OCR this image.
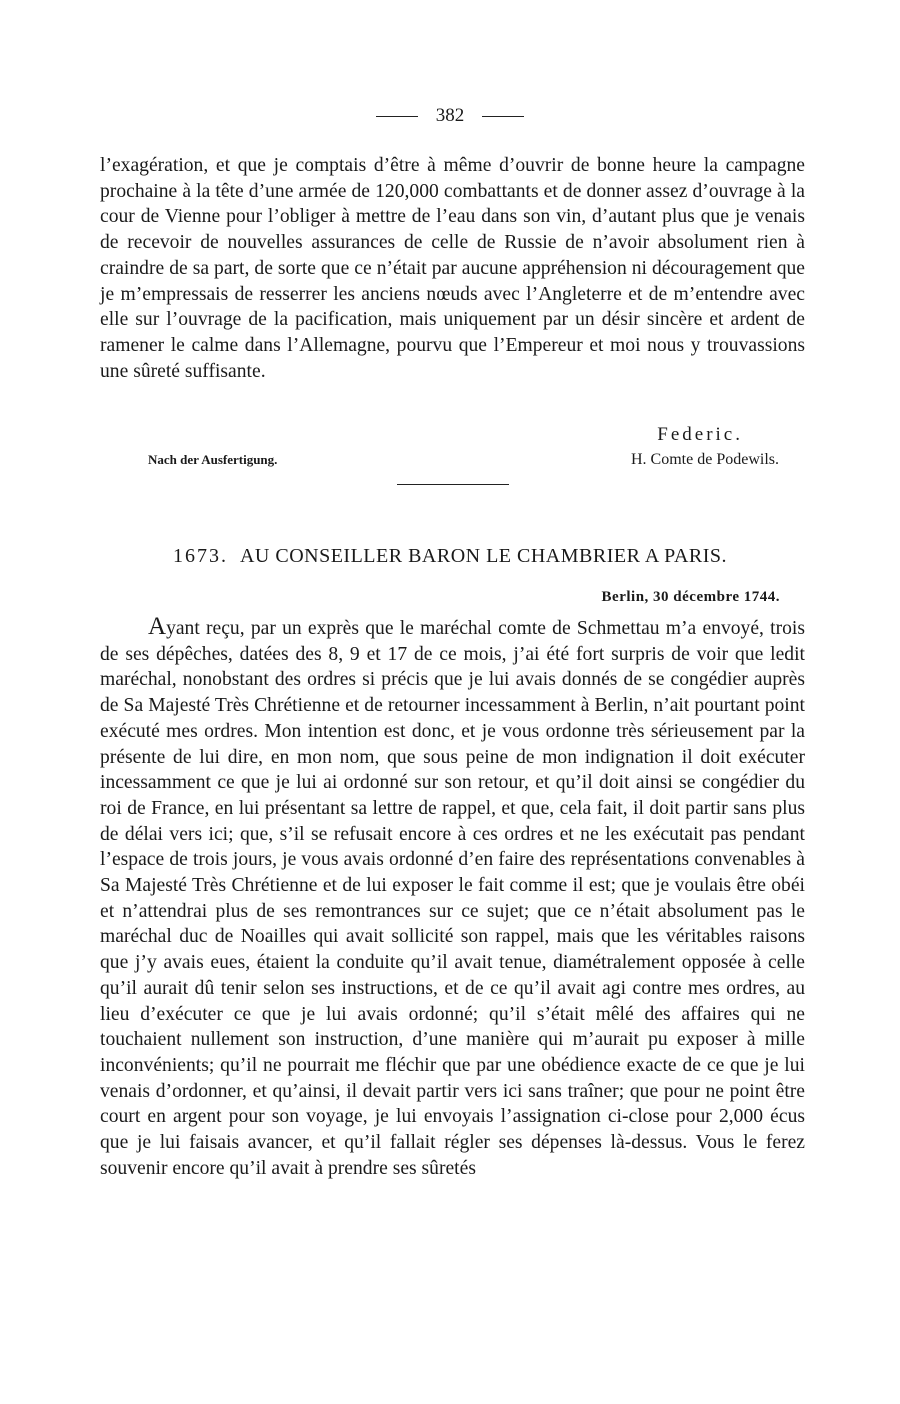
382

l’exagération, et que je comptais d’être à même d’ouvrir de bonne heure la campagne prochaine à la tête d’une armée de 120,000 combattants et de donner assez d’ouvrage à la cour de Vienne pour l’obliger à mettre de l’eau dans son vin, d’autant plus que je venais de recevoir de nouvelles assurances de celle de Russie de n’avoir absolument rien à craindre de sa part, de sorte que ce n’était par aucune appréhension ni découragement que je m’empressais de resserrer les anciens nœuds avec l’Angleterre et de m’entendre avec elle sur l’ouvrage de la pacification, mais uniquement par un désir sincère et ardent de ramener le calme dans l’Allemagne, pourvu que l’Empereur et moi nous y trouvassions une sûreté suffisante.

Federic.
H. Comte de Podewils.
Nach der Ausfertigung.
1673. AU CONSEILLER BARON LE CHAMBRIER A PARIS.
Berlin, 30 décembre 1744.

Ayant reçu, par un exprès que le maréchal comte de Schmettau m’a envoyé, trois de ses dépêches, datées des 8, 9 et 17 de ce mois, j’ai été fort surpris de voir que ledit maréchal, nonobstant des ordres si précis que je lui avais donnés de se congédier auprès de Sa Majesté Très Chrétienne et de retourner incessamment à Berlin, n’ait pourtant point exécuté mes ordres. Mon intention est donc, et je vous ordonne très sérieusement par la présente de lui dire, en mon nom, que sous peine de mon indignation il doit exécuter incessamment ce que je lui ai ordonné sur son retour, et qu’il doit ainsi se congédier du roi de France, en lui présentant sa lettre de rappel, et que, cela fait, il doit partir sans plus de délai vers ici; que, s’il se refusait encore à ces ordres et ne les exécutait pas pendant l’espace de trois jours, je vous avais ordonné d’en faire des représentations convenables à Sa Majesté Très Chrétienne et de lui exposer le fait comme il est; que je voulais être obéi et n’attendrai plus de ses remontrances sur ce sujet; que ce n’était absolument pas le maréchal duc de Noailles qui avait sollicité son rappel, mais que les véritables raisons que j’y avais eues, étaient la conduite qu’il avait tenue, diamétralement opposée à celle qu’il aurait dû tenir selon ses instructions, et de ce qu’il avait agi contre mes ordres, au lieu d’exécuter ce que je lui avais ordonné; qu’il s’était mêlé des affaires qui ne touchaient nullement son instruction, d’une manière qui m’aurait pu exposer à mille inconvénients; qu’il ne pourrait me fléchir que par une obédience exacte de ce que je lui venais d’ordonner, et qu’ainsi, il devait partir vers ici sans traîner; que pour ne point être court en argent pour son voyage, je lui envoyais l’assignation ci-close pour 2,000 écus que je lui faisais avancer, et qu’il fallait régler ses dépenses là-dessus. Vous le ferez souvenir encore qu’il avait à prendre ses sûretés
